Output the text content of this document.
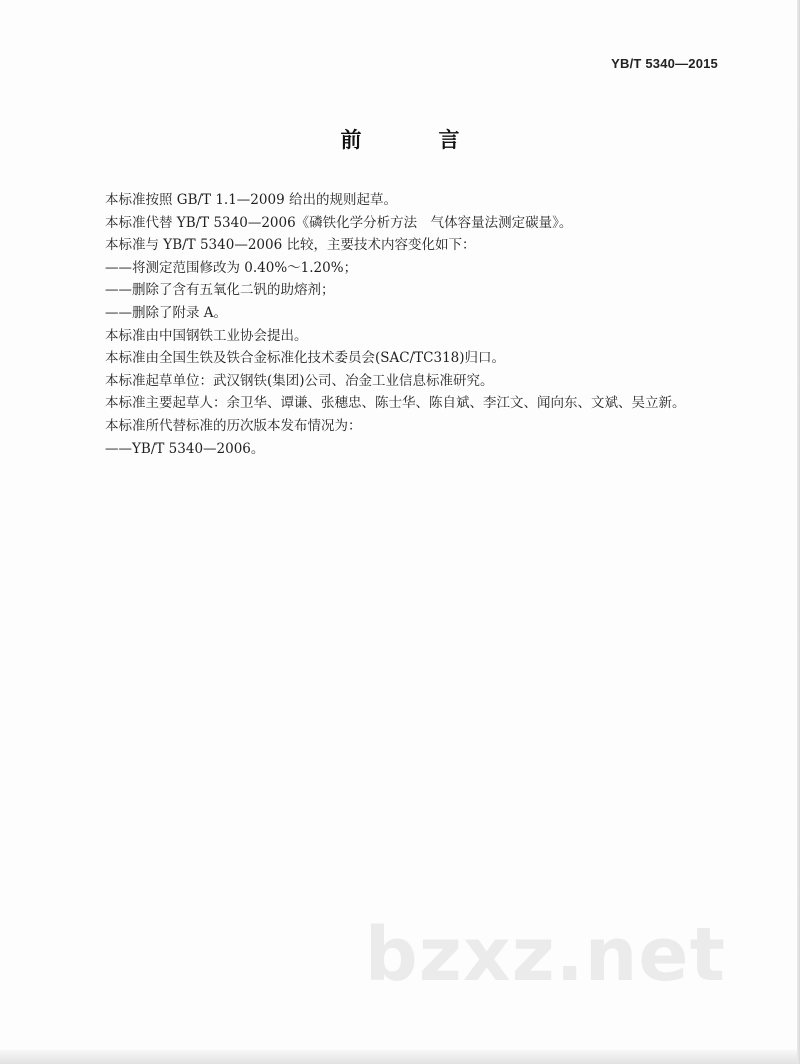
YB/T 5340—2015
前　言

本标准按照 GB/T 1.1—2009 给出的规则起草。

本标准代替 YB/T 5340—2006《磷铁化学分析方法　气体容量法测定碳量》。

本标准与 YB/T 5340—2006 比较，主要技术内容变化如下：

——将测定范围修改为 0.40%～1.20%；

——删除了含有五氧化二钒的助熔剂；

——删除了附录 A。

本标准由中国钢铁工业协会提出。

本标准由全国生铁及铁合金标准化技术委员会(SAC/TC318)归口。

本标准起草单位：武汉钢铁(集团)公司、冶金工业信息标准研究。

本标准主要起草人：余卫华、谭谦、张穗忠、陈士华、陈自斌、李江文、闻向东、文斌、吴立新。

本标准所代替标准的历次版本发布情况为：

——YB/T 5340—2006。

bzxz.net
